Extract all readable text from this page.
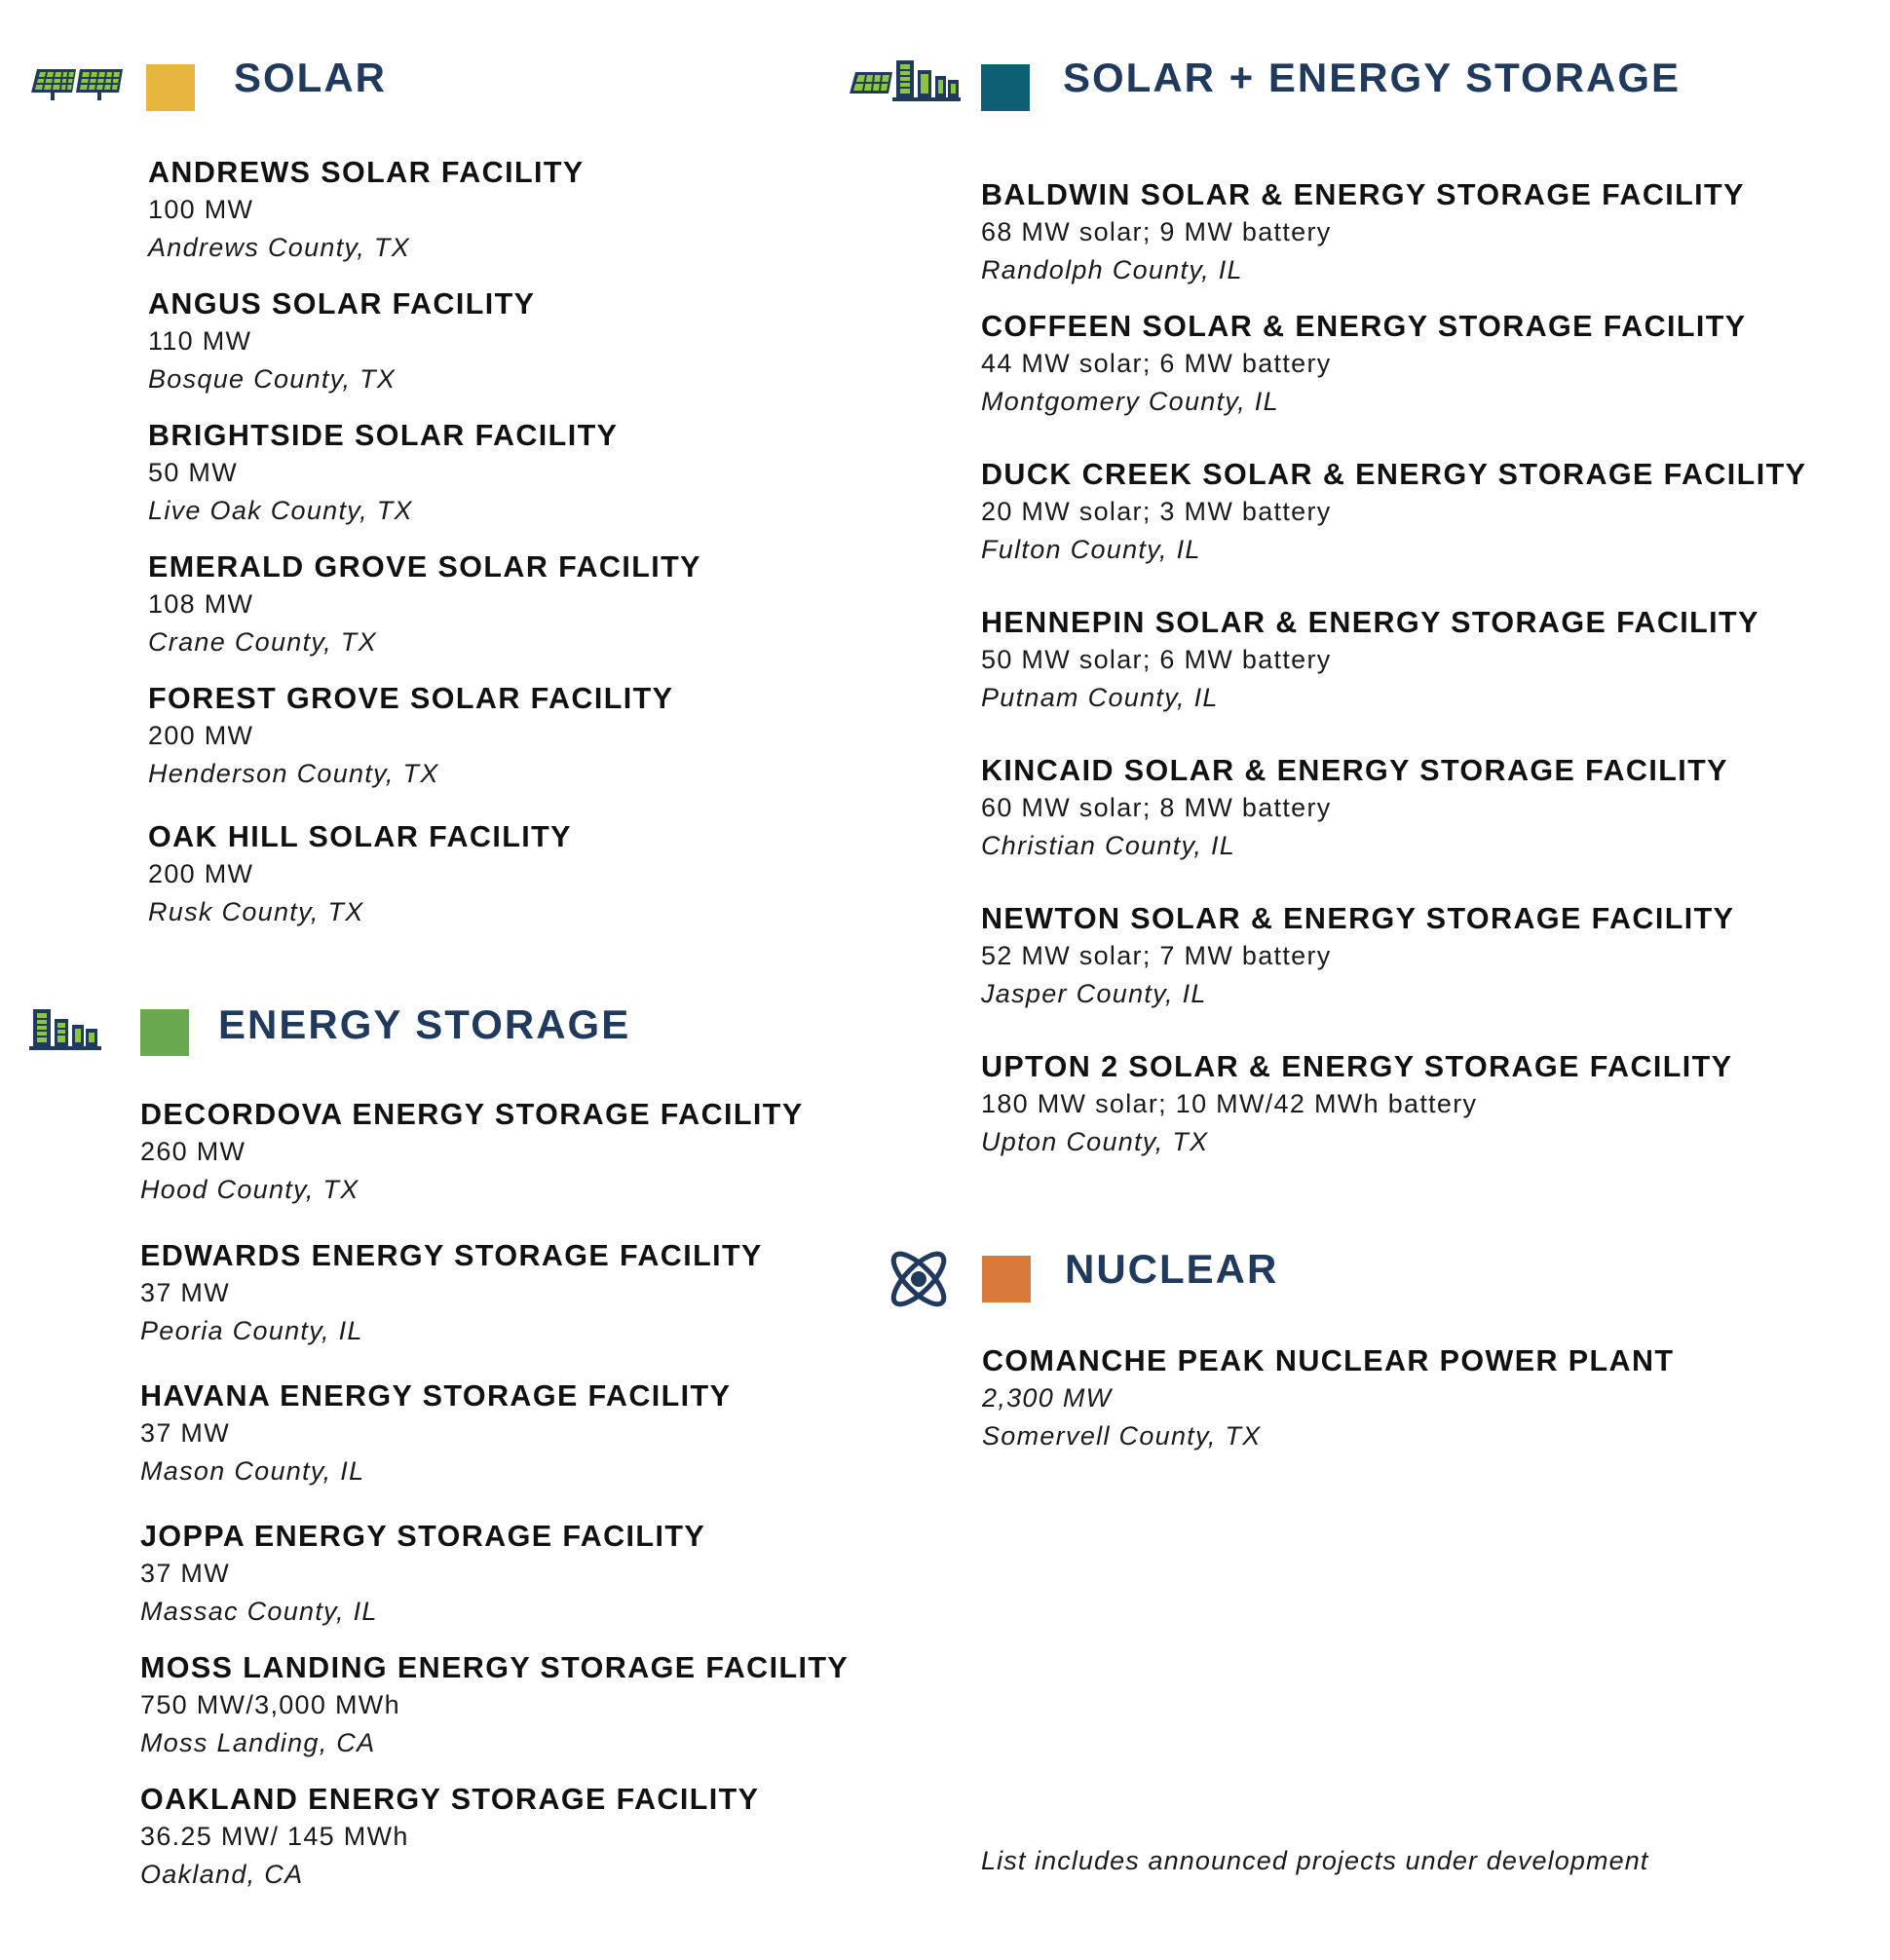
SOLAR
ANDREWS SOLAR FACILITY
100 MW
Andrews County, TX
ANGUS SOLAR FACILITY
110 MW
Bosque County, TX
BRIGHTSIDE SOLAR FACILITY
50 MW
Live Oak County, TX
EMERALD GROVE SOLAR FACILITY
108 MW
Crane County, TX
FOREST GROVE SOLAR FACILITY
200 MW
Henderson County, TX
OAK HILL SOLAR FACILITY
200 MW
Rusk County, TX
ENERGY STORAGE
DECORDOVA ENERGY STORAGE FACILITY
260 MW
Hood County, TX
EDWARDS ENERGY STORAGE FACILITY
37 MW
Peoria County, IL
HAVANA ENERGY STORAGE FACILITY
37 MW
Mason County, IL
JOPPA ENERGY STORAGE FACILITY
37 MW
Massac County, IL
MOSS LANDING ENERGY STORAGE FACILITY
750 MW/3,000 MWh
Moss Landing, CA
OAKLAND ENERGY STORAGE FACILITY
36.25 MW/ 145 MWh
Oakland, CA
SOLAR + ENERGY STORAGE
BALDWIN SOLAR & ENERGY STORAGE FACILITY
68 MW solar; 9 MW battery
Randolph County, IL
COFFEEN SOLAR & ENERGY STORAGE FACILITY
44 MW solar; 6 MW battery
Montgomery County, IL
DUCK CREEK SOLAR & ENERGY STORAGE FACILITY
20 MW solar; 3 MW battery
Fulton County, IL
HENNEPIN SOLAR & ENERGY STORAGE FACILITY
50 MW solar; 6 MW battery
Putnam County, IL
KINCAID SOLAR & ENERGY STORAGE FACILITY
60 MW solar; 8 MW battery
Christian County, IL
NEWTON SOLAR & ENERGY STORAGE FACILITY
52 MW solar; 7 MW battery
Jasper County, IL
UPTON 2 SOLAR & ENERGY STORAGE FACILITY
180 MW solar; 10 MW/42 MWh battery
Upton County, TX
NUCLEAR
COMANCHE PEAK NUCLEAR POWER PLANT
2,300 MW
Somervell County, TX
List includes announced projects under development
